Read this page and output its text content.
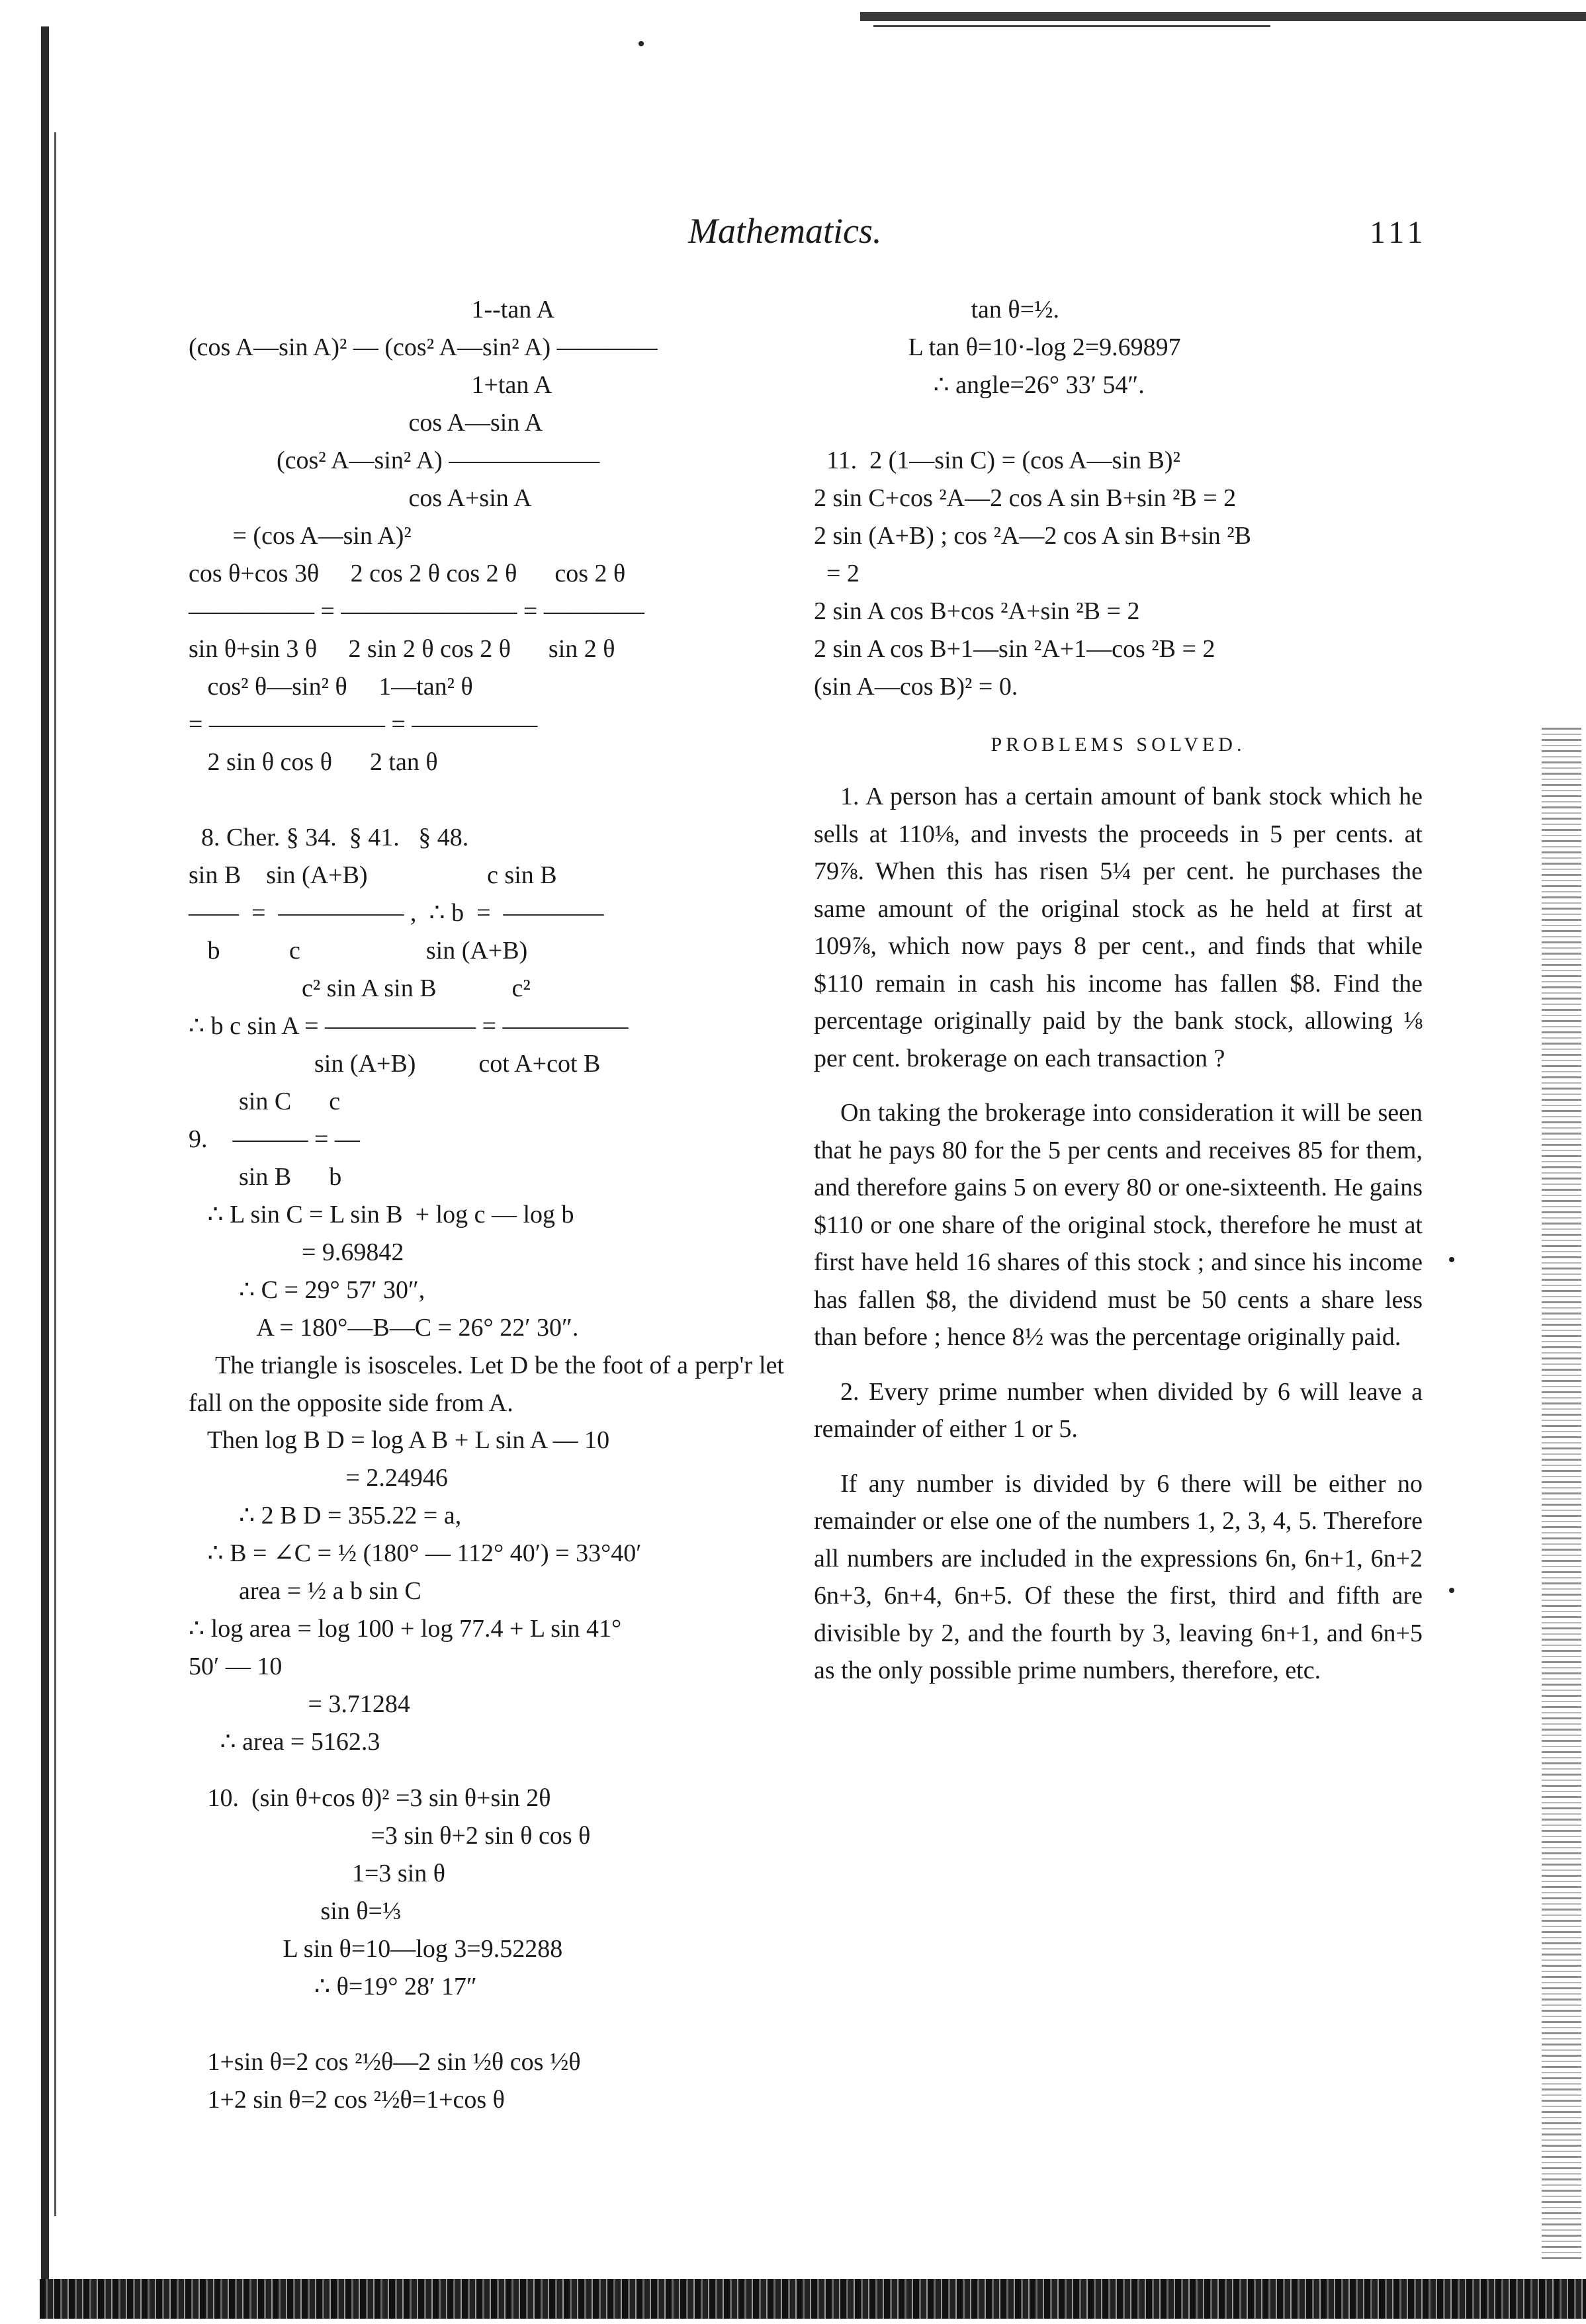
Mathematics.	111
1--tan A
(cos A—sin A)² — (cos² A—sin² A) ————
1+tan A
cos A—sin A
(cos² A—sin² A) ——————
cos A+sin A
= (cos A—sin A)²
cos θ+cos 3θ     2 cos 2 θ cos 2 θ      cos 2 θ
————— = ——————— = ————
sin θ+sin 3 θ     2 sin 2 θ cos 2 θ      sin 2 θ
cos² θ—sin² θ     1—tan² θ
= ——————— = —————
2 sin θ cos θ      2 tan θ
8. Cher. § 34.  § 41.   § 48.
sin B    sin (A+B)                   c sin B
——  =  ————— ,  ∴ b  =  ————
b           c                    sin (A+B)
c² sin A sin B            c²
∴ b c sin A = —————— = —————
sin (A+B)          cot A+cot B
sin C      c
9.    ——— = —
sin B      b
∴ L sin C = L sin B  + log c — log b
= 9.69842
∴ C = 29° 57′ 30″,
A = 180°—B—C = 26° 22′ 30″.

The triangle is isosceles. Let D be the foot of a perp'r let fall on the opposite side from A.

Then log B D = log A B + L sin A — 10
= 2.24946
∴ 2 B D = 355.22 = a,
∴ B = ∠C = ½ (180° — 112° 40′) = 33°40′
area = ½ a b sin C
∴ log area = log 100 + log 77.4 + L sin 41°
50′ — 10
= 3.71284
∴ area = 5162.3
10.  (sin θ+cos θ)² =3 sin θ+sin 2θ
=3 sin θ+2 sin θ cos θ
1=3 sin θ
sin θ=⅓
L sin θ=10—log 3=9.52288
∴ θ=19° 28′ 17″
1+sin θ=2 cos ²½θ—2 sin ½θ cos ½θ
1+2 sin θ=2 cos ²½θ=1+cos θ
tan θ=½.
L tan θ=10·-log 2=9.69897
∴ angle=26° 33′ 54″.
11.  2 (1—sin C) = (cos A—sin B)²
2 sin C+cos ²A—2 cos A sin B+sin ²B = 2
2 sin (A+B) ; cos ²A—2 cos A sin B+sin ²B
= 2
2 sin A cos B+cos ²A+sin ²B = 2
2 sin A cos B+1—sin ²A+1—cos ²B = 2
(sin A—cos B)² = 0.
PROBLEMS SOLVED.

1. A person has a certain amount of bank stock which he sells at 110⅛, and invests the proceeds in 5 per cents. at 79⅞. When this has risen 5¼ per cent. he purchases the same amount of the original stock as he held at first at 109⅞, which now pays 8 per cent., and finds that while $110 remain in cash his income has fallen $8. Find the percentage originally paid by the bank stock, allowing ⅛ per cent. brokerage on each transaction ?

On taking the brokerage into consideration it will be seen that he pays 80 for the 5 per cents and receives 85 for them, and therefore gains 5 on every 80 or one-sixteenth. He gains $110 or one share of the original stock, therefore he must at first have held 16 shares of this stock ; and since his income has fallen $8, the dividend must be 50 cents a share less than before ; hence 8½ was the percentage originally paid.

2. Every prime number when divided by 6 will leave a remainder of either 1 or 5.

If any number is divided by 6 there will be either no remainder or else one of the numbers 1, 2, 3, 4, 5. Therefore all numbers are included in the expressions 6n, 6n+1, 6n+2 6n+3, 6n+4, 6n+5. Of these the first, third and fifth are divisible by 2, and the fourth by 3, leaving 6n+1, and 6n+5 as the only possible prime numbers, therefore, etc.
